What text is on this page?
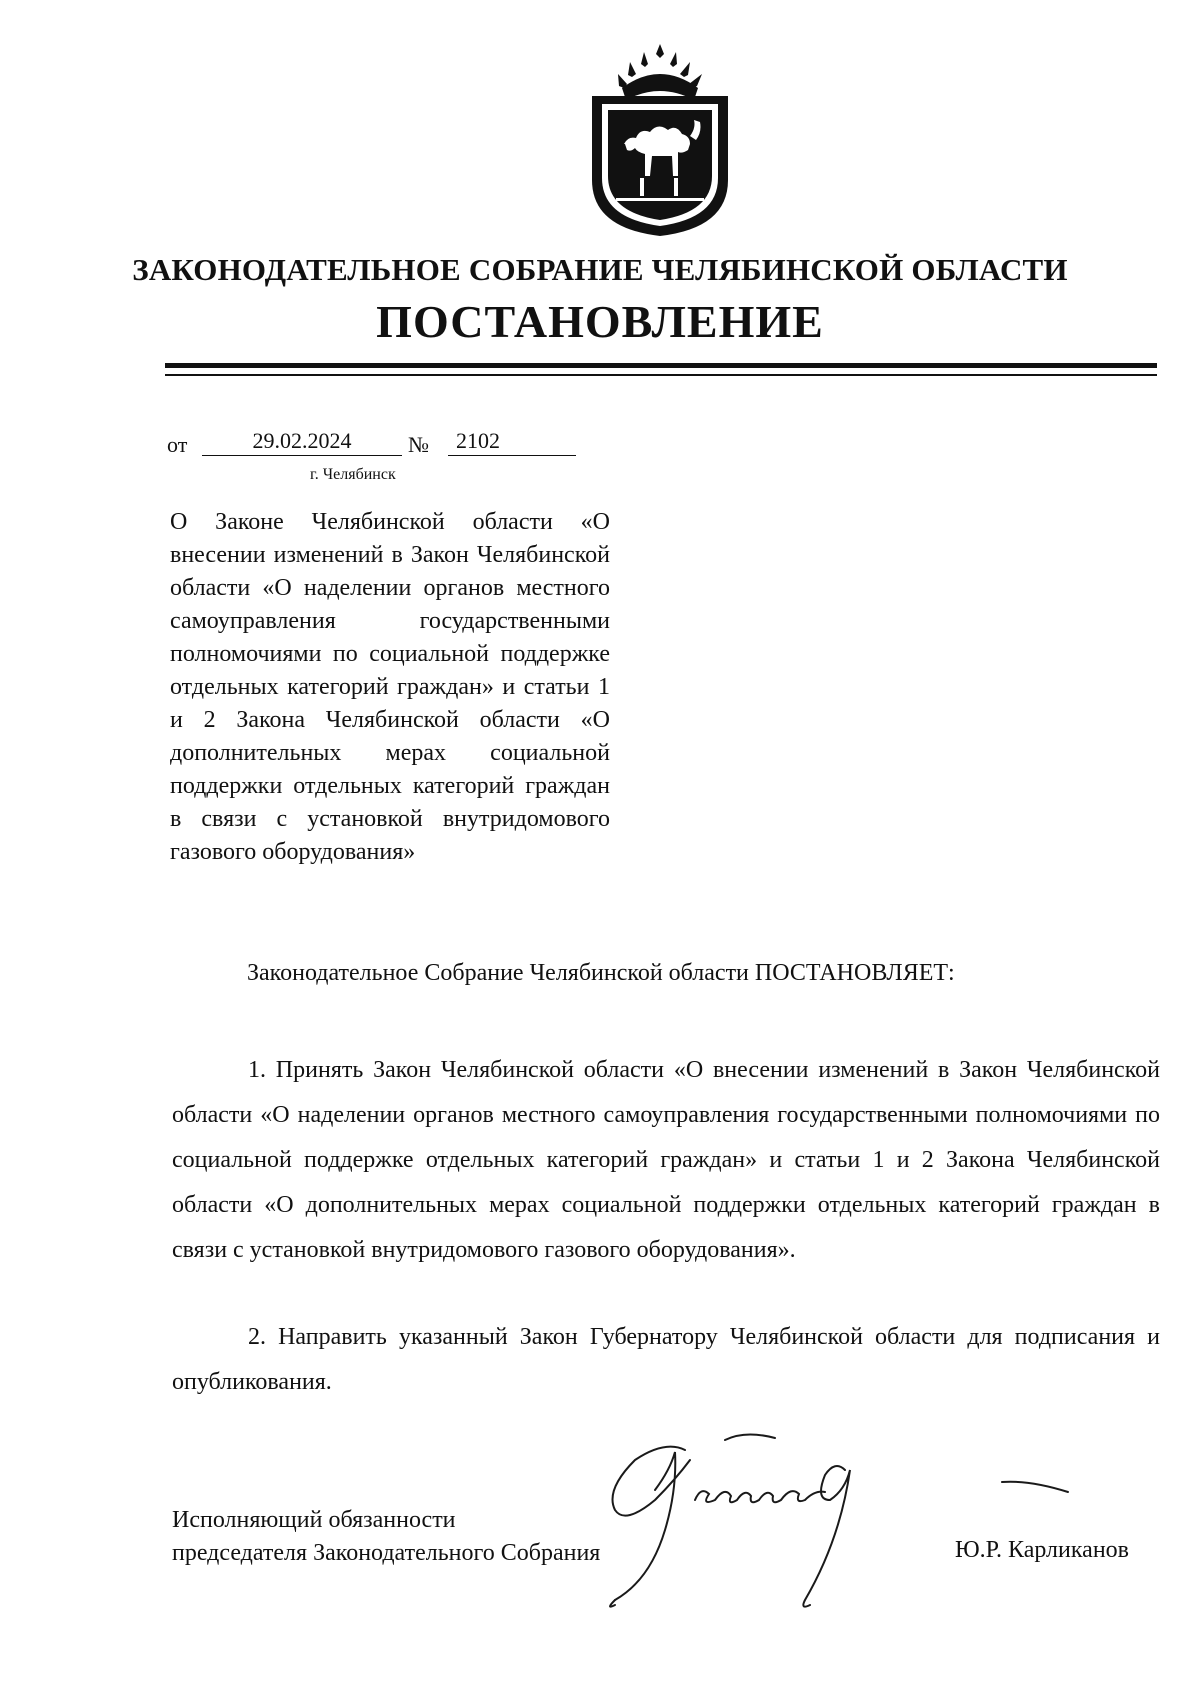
ЗАКОНОДАТЕЛЬНОЕ СОБРАНИЕ ЧЕЛЯБИНСКОЙ ОБЛАСТИ
ПОСТАНОВЛЕНИЕ
от	29.02.2024	№	2102
г. Челябинск
О Законе Челябинской области «О внесении изменений в Закон Челябинской области «О наделении органов местного самоуправления государственными полномочиями по социальной поддержке отдельных категорий граждан» и статьи 1 и 2 Закона Челябинской области «О дополнительных мерах социальной поддержки отдельных категорий граждан в связи с установкой внутридомового газового оборудования»
Законодательное Собрание Челябинской области ПОСТАНОВЛЯЕТ:

1. Принять Закон Челябинской области «О внесении изменений в Закон Челябинской области «О наделении органов местного самоуправления государственными полномочиями по социальной поддержке отдельных категорий граждан» и статьи 1 и 2 Закона Челябинской области «О дополнительных мерах социальной поддержки отдельных категорий граждан в связи с установкой внутридомового газового оборудования».

2. Направить указанный Закон Губернатору Челябинской области для подписания и опубликования.

Исполняющий обязанности
председателя Законодательного Собрания	Ю.Р. Карликанов
